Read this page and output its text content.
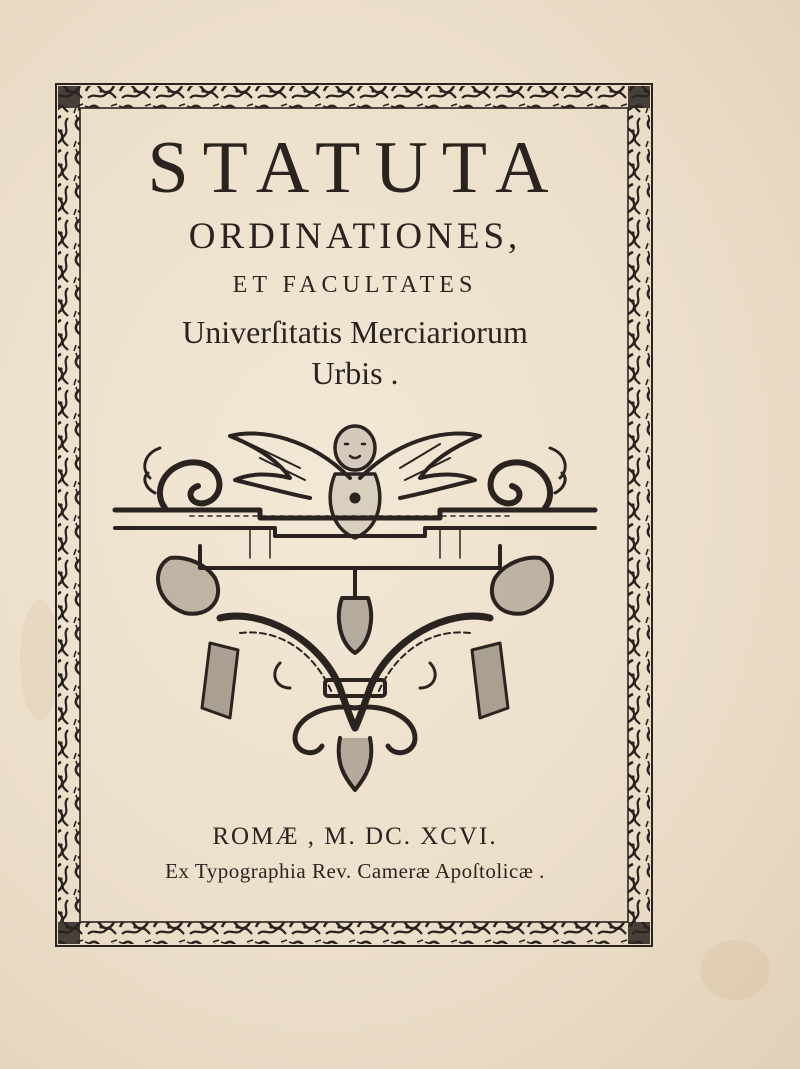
STATUTA
ORDINATIONES,
ET FACULTATES
Univerſitatis Merciariorum
Urbis .
ROMÆ , M. DC. XCVI.
Ex Typographia Rev. Cameræ Apoſtolicæ .
